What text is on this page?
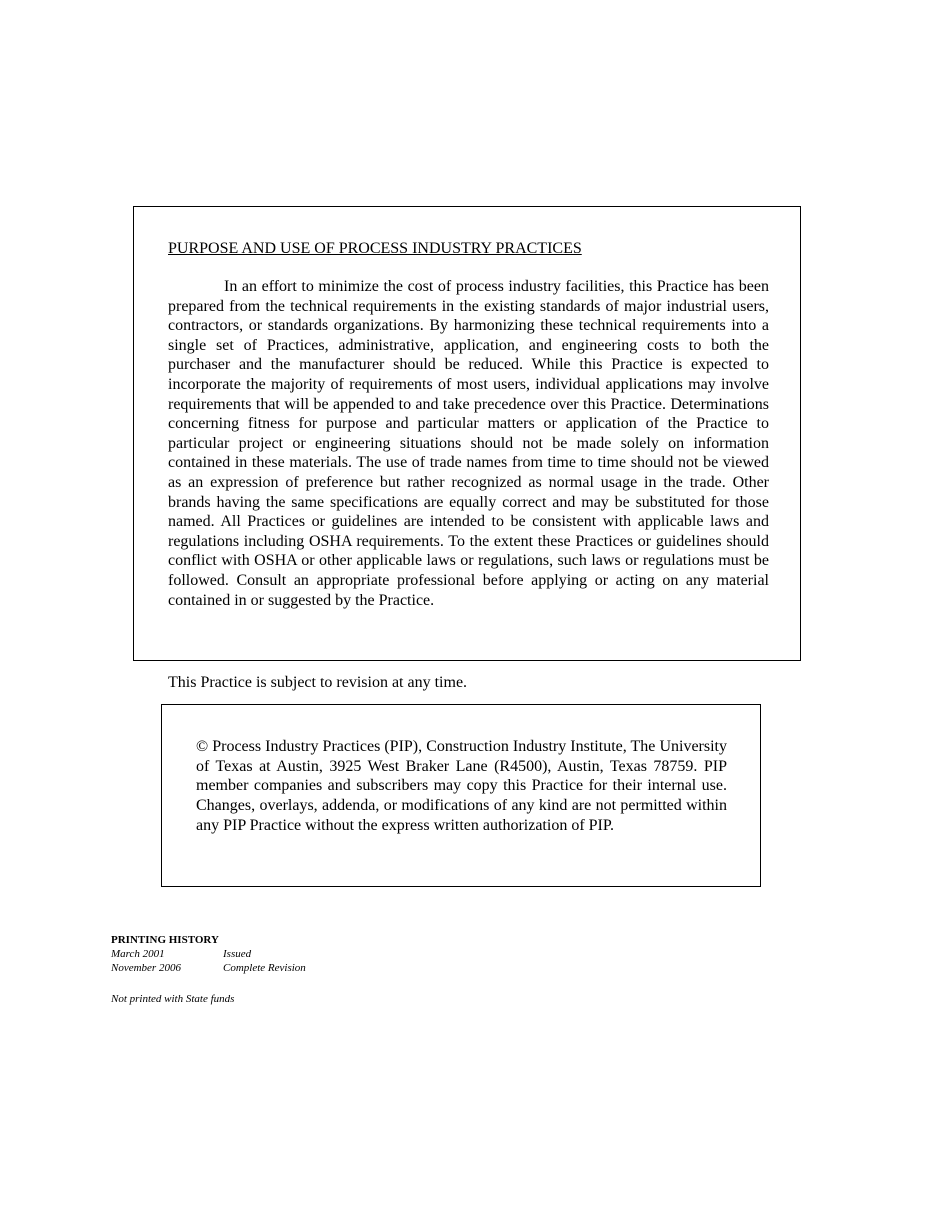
PURPOSE AND USE OF PROCESS INDUSTRY PRACTICES

In an effort to minimize the cost of process industry facilities, this Practice has been prepared from the technical requirements in the existing standards of major industrial users, contractors, or standards organizations. By harmonizing these technical requirements into a single set of Practices, administrative, application, and engineering costs to both the purchaser and the manufacturer should be reduced. While this Practice is expected to incorporate the majority of requirements of most users, individual applications may involve requirements that will be appended to and take precedence over this Practice. Determinations concerning fitness for purpose and particular matters or application of the Practice to particular project or engineering situations should not be made solely on information contained in these materials. The use of trade names from time to time should not be viewed as an expression of preference but rather recognized as normal usage in the trade. Other brands having the same specifications are equally correct and may be substituted for those named. All Practices or guidelines are intended to be consistent with applicable laws and regulations including OSHA requirements. To the extent these Practices or guidelines should conflict with OSHA or other applicable laws or regulations, such laws or regulations must be followed. Consult an appropriate professional before applying or acting on any material contained in or suggested by the Practice.

This Practice is subject to revision at any time.

© Process Industry Practices (PIP), Construction Industry Institute, The University of Texas at Austin, 3925 West Braker Lane (R4500), Austin, Texas 78759. PIP member companies and subscribers may copy this Practice for their internal use. Changes, overlays, addenda, or modifications of any kind are not permitted within any PIP Practice without the express written authorization of PIP.

PRINTING HISTORY

March 2001	Issued
November 2006	Complete Revision

Not printed with State funds
